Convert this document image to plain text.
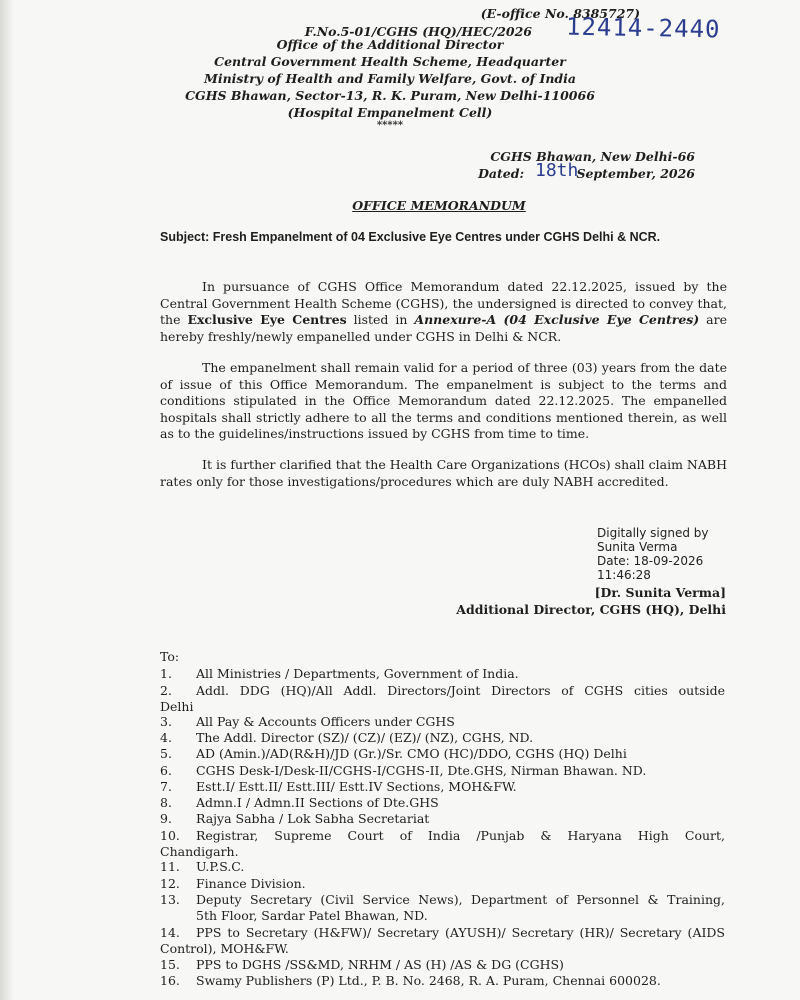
(E-office No. 8385727)
F.No.5-01/CGHS (HQ)/HEC/2026 12414-2440
Office of the Additional Director
Central Government Health Scheme, Headquarter
Ministry of Health and Family Welfare, Govt. of India
CGHS Bhawan, Sector-13, R. K. Puram, New Delhi-110066
(Hospital Empanelment Cell)
*****
CGHS Bhawan, New Delhi-66
Dated:	September, 2026
18th
OFFICE MEMORANDUM
Subject: Fresh Empanelment of 04 Exclusive Eye Centres under CGHS Delhi & NCR.
In pursuance of CGHS Office Memorandum dated 22.12.2025, issued by the Central Government Health Scheme (CGHS), the undersigned is directed to convey that, the Exclusive Eye Centres listed in Annexure-A (04 Exclusive Eye Centres) are hereby freshly/newly empanelled under CGHS in Delhi & NCR.
The empanelment shall remain valid for a period of three (03) years from the date of issue of this Office Memorandum. The empanelment is subject to the terms and conditions stipulated in the Office Memorandum dated 22.12.2025. The empanelled hospitals shall strictly adhere to all the terms and conditions mentioned therein, as well as to the guidelines/instructions issued by CGHS from time to time.
It is further clarified that the Health Care Organizations (HCOs) shall claim NABH rates only for those investigations/procedures which are duly NABH accredited.
Digitally signed by
Sunita Verma
Date: 18-09-2026
11:46:28
[Dr. Sunita Verma]
Additional Director, CGHS (HQ), Delhi
To:
1.	All Ministries / Departments, Government of India.
2.	Addl. DDG (HQ)/All Addl. Directors/Joint Directors of CGHS cities outside
Delhi
3.	All Pay & Accounts Officers under CGHS
4.	The Addl. Director (SZ)/ (CZ)/ (EZ)/ (NZ), CGHS, ND.
5.	AD (Amin.)/AD(R&H)/JD (Gr.)/Sr. CMO (HC)/DDO, CGHS (HQ) Delhi
6.	CGHS Desk-I/Desk-II/CGHS-I/CGHS-II, Dte.GHS, Nirman Bhawan. ND.
7.	Estt.I/ Estt.II/ Estt.III/ Estt.IV Sections, MOH&FW.
8.	Admn.I / Admn.II Sections of Dte.GHS
9.	Rajya Sabha / Lok Sabha Secretariat
10.	Registrar, Supreme Court of India /Punjab & Haryana High Court,
Chandigarh.
11.	U.P.S.C.
12.	Finance Division.
13.	Deputy Secretary (Civil Service News), Department of Personnel & Training,
5th Floor, Sardar Patel Bhawan, ND.
14.	PPS to Secretary (H&FW)/ Secretary (AYUSH)/ Secretary (HR)/ Secretary (AIDS
Control), MOH&FW.
15.	PPS to DGHS /SS&MD, NRHM / AS (H) /AS & DG (CGHS)
16.	Swamy Publishers (P) Ltd., P. B. No. 2468, R. A. Puram, Chennai 600028.
